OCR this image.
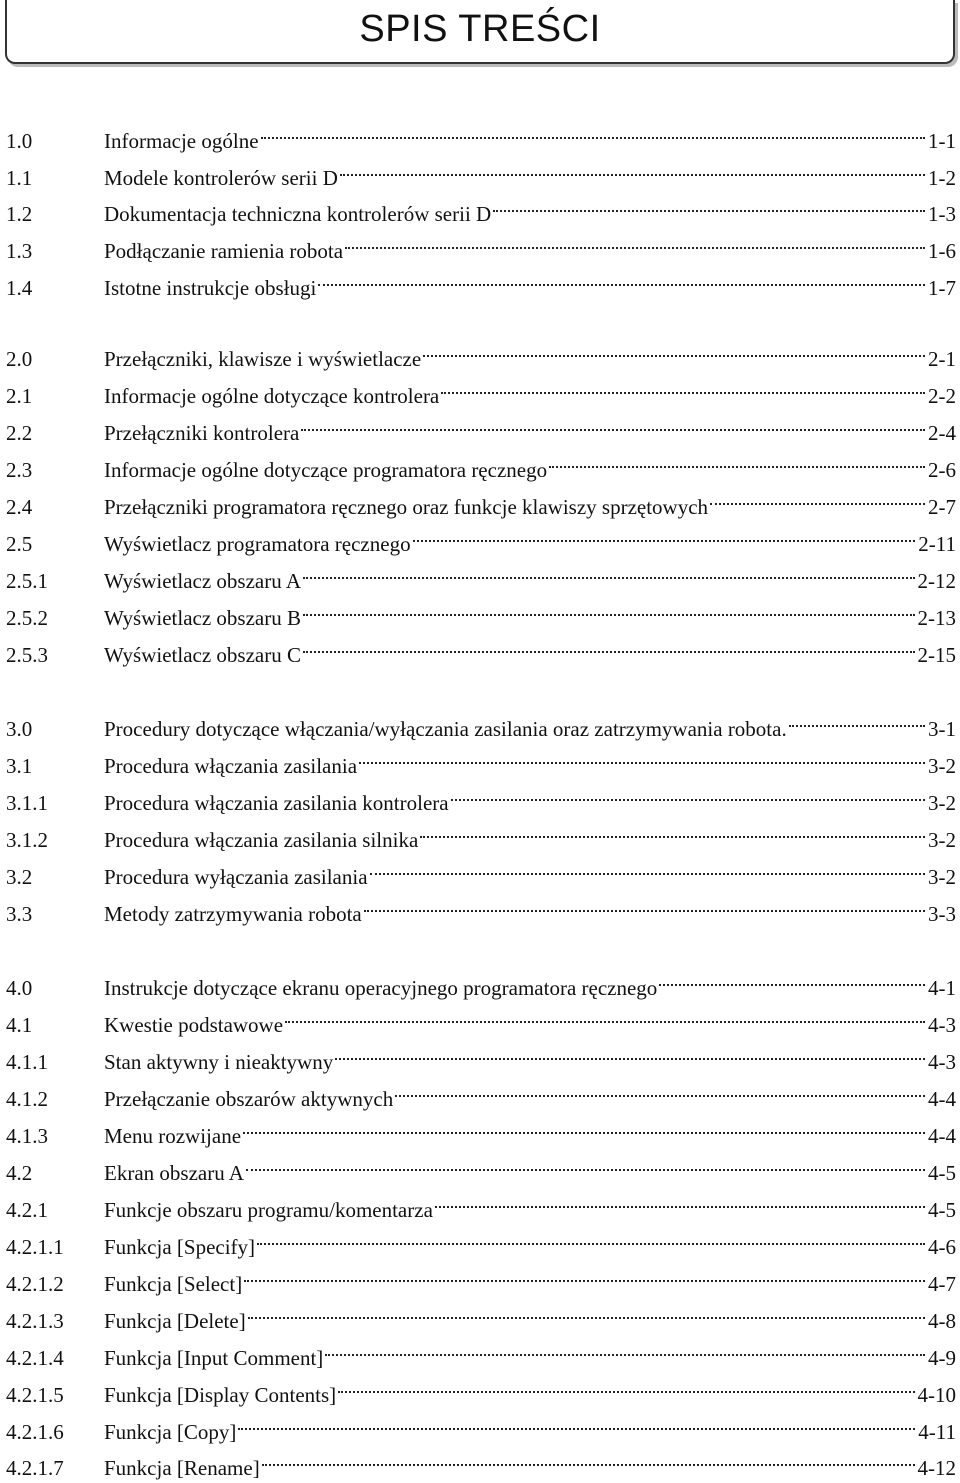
SPIS TREŚCI
1.0	Informacje ogólne	1-1
1.1	Modele kontrolerów serii D	1-2
1.2	Dokumentacja techniczna kontrolerów serii D	1-3
1.3	Podłączanie ramienia robota	1-6
1.4	Istotne instrukcje obsługi	1-7
2.0	Przełączniki, klawisze i wyświetlacze	2-1
2.1	Informacje ogólne dotyczące kontrolera	2-2
2.2	Przełączniki kontrolera	2-4
2.3	Informacje ogólne dotyczące programatora ręcznego	2-6
2.4	Przełączniki programatora ręcznego oraz funkcje klawiszy sprzętowych	2-7
2.5	Wyświetlacz programatora ręcznego	2-11
2.5.1	Wyświetlacz obszaru A	2-12
2.5.2	Wyświetlacz obszaru B	2-13
2.5.3	Wyświetlacz obszaru C	2-15
3.0	Procedury dotyczące włączania/wyłączania zasilania oraz zatrzymywania robota.	3-1
3.1	Procedura włączania zasilania	3-2
3.1.1	Procedura włączania zasilania kontrolera	3-2
3.1.2	Procedura włączania zasilania silnika	3-2
3.2	Procedura wyłączania zasilania	3-2
3.3	Metody zatrzymywania robota	3-3
4.0	Instrukcje dotyczące ekranu operacyjnego programatora ręcznego	4-1
4.1	Kwestie podstawowe	4-3
4.1.1	Stan aktywny i nieaktywny	4-3
4.1.2	Przełączanie obszarów aktywnych	4-4
4.1.3	Menu rozwijane	4-4
4.2	Ekran obszaru A	4-5
4.2.1	Funkcje obszaru programu/komentarza	4-5
4.2.1.1	Funkcja [Specify]	4-6
4.2.1.2	Funkcja [Select]	4-7
4.2.1.3	Funkcja [Delete]	4-8
4.2.1.4	Funkcja [Input Comment]	4-9
4.2.1.5	Funkcja [Display Contents]	4-10
4.2.1.6	Funkcja [Copy]	4-11
4.2.1.7	Funkcja [Rename]	4-12
